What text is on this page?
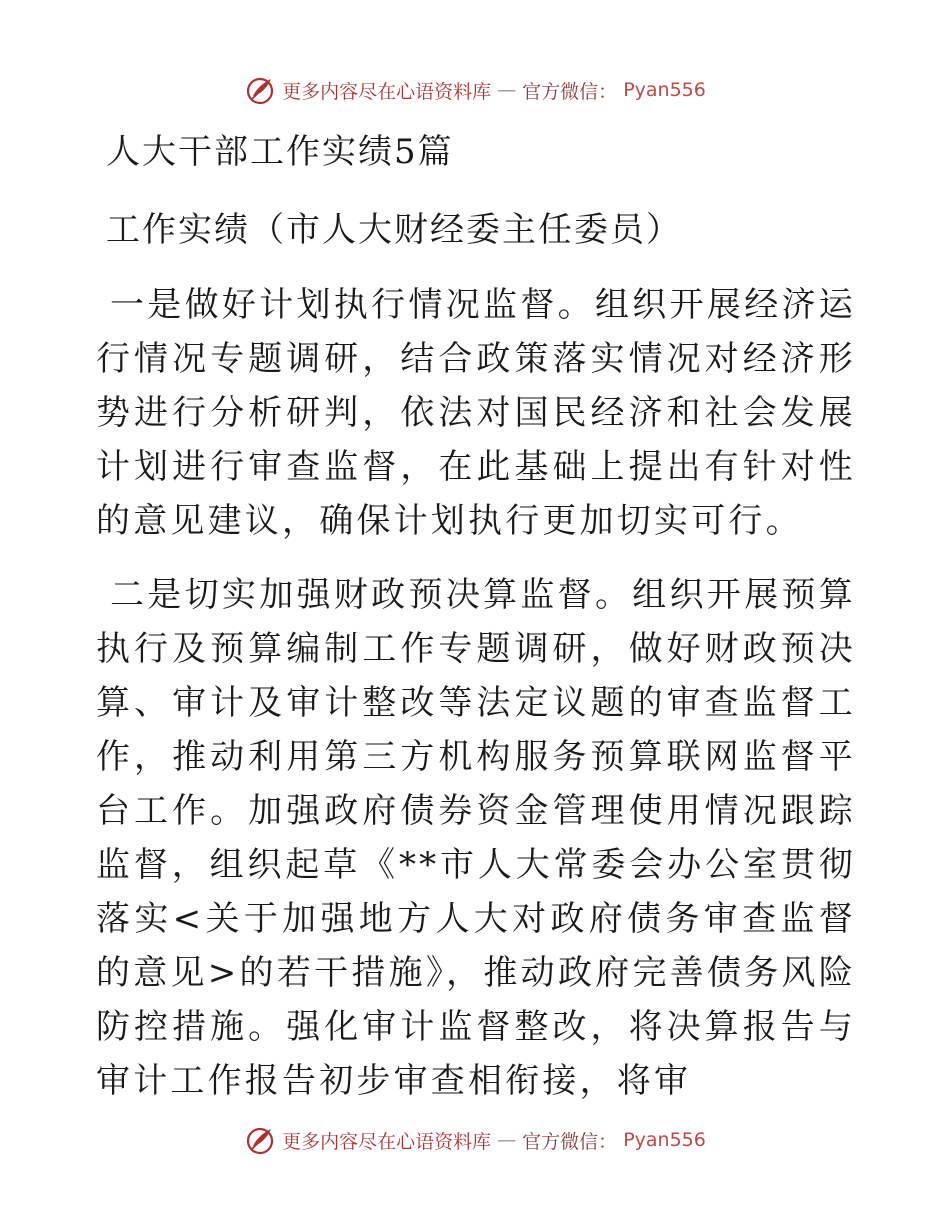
更多内容尽在心语资料库 — 官方微信： Pyan556
人大干部工作实绩5篇
工作实绩（市人大财经委主任委员）

一是做好计划执行情况监督。组织开展经济运行情况专题调研，结合政策落实情况对经济形势进行分析研判，依法对国民经济和社会发展计划进行审查监督，在此基础上提出有针对性的意见建议，确保计划执行更加切实可行。

二是切实加强财政预决算监督。组织开展预算执行及预算编制工作专题调研，做好财政预决算、审计及审计整改等法定议题的审查监督工作，推动利用第三方机构服务预算联网监督平台工作。加强政府债券资金管理使用情况跟踪监督，组织起草《**市人大常委会办公室贯彻落实<关于加强地方人大对政府债务审查监督的意见>的若干措施》，推动政府完善债务风险防控措施。强化审计监督整改，将决算报告与审计工作报告初步审查相衔接，将审

更多内容尽在心语资料库 — 官方微信： Pyan556
